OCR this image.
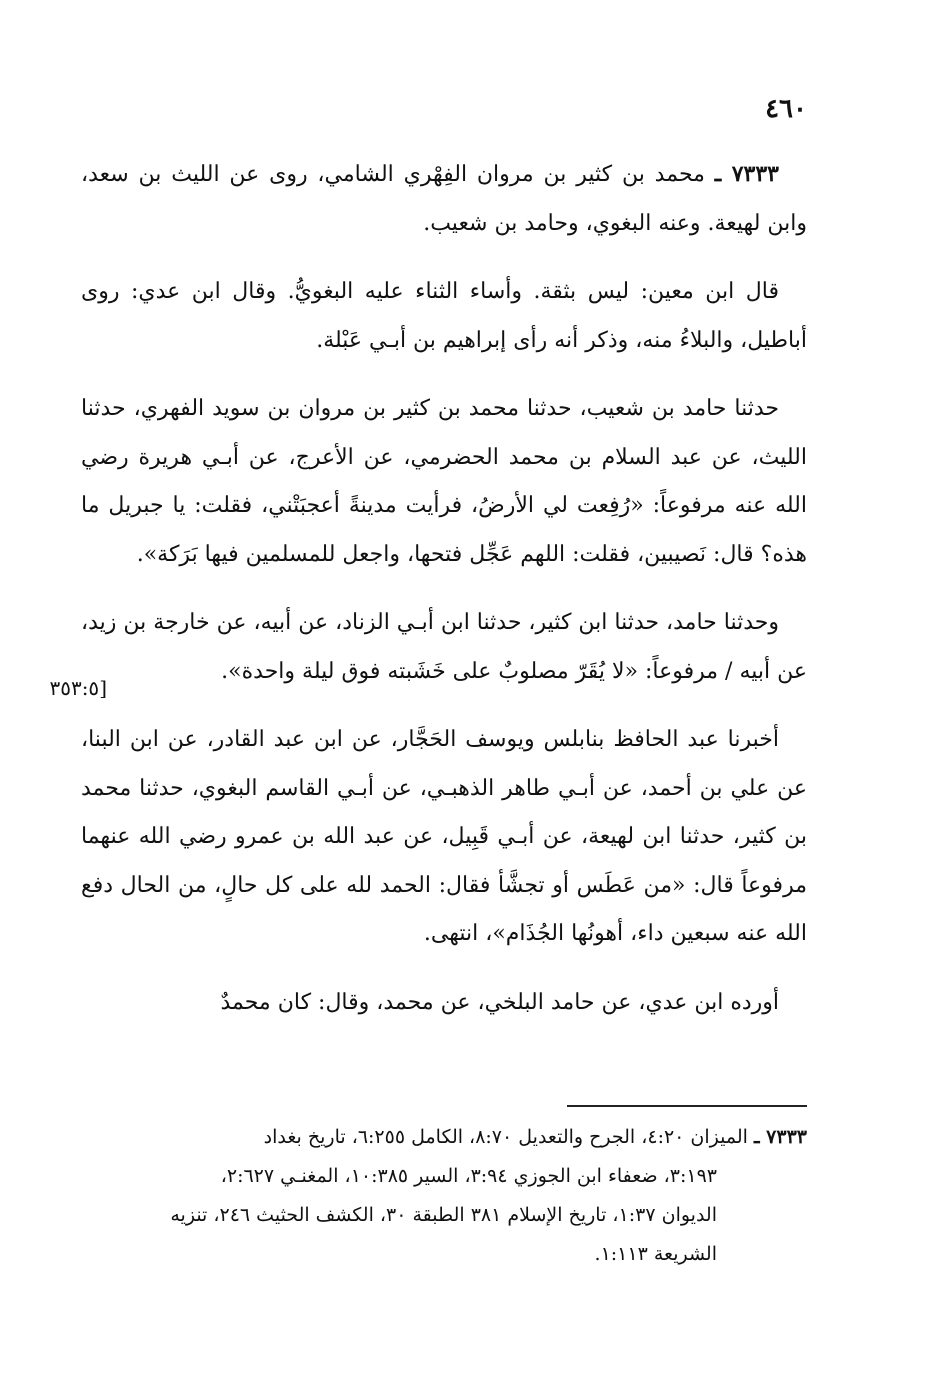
٤٦٠

٧٣٣٣ ـ محمد بن كثير بن مروان الفِهْري الشامي، روى عن الليث بن سعد، وابن لهيعة. وعنه البغوي، وحامد بن شعيب.

قال ابن معين: ليس بثقة. وأساء الثناء عليه البغويُّ. وقال ابن عدي: روى أباطيل، والبلاءُ منه، وذكر أنه رأى إبراهيم بن أبـي عَبْلة.

حدثنا حامد بن شعيب، حدثنا محمد بن كثير بن مروان بن سويد الفهري، حدثنا الليث، عن عبد السلام بن محمد الحضرمي، عن الأعرج، عن أبـي هريرة رضي الله عنه مرفوعاً: «رُفِعت لي الأرضُ، فرأيت مدينةً أعجبَتْني، فقلت: يا جبريل ما هذه؟ قال: نَصيبين، فقلت: اللهم عَجِّل فتحها، واجعل للمسلمين فيها بَرَكة».

وحدثنا حامد، حدثنا ابن كثير، حدثنا ابن أبـي الزناد، عن أبيه، عن خارجة بن زيد، عن أبيه / مرفوعاً: «لا يُقَرّ مصلوبٌ على خَشَبته فوق ليلة واحدة».

أخبرنا عبد الحافظ بنابلس ويوسف الحَجَّار، عن ابن عبد القادر، عن ابن البنا، عن علي بن أحمد، عن أبـي طاهر الذهبـي، عن أبـي القاسم البغوي، حدثنا محمد بن كثير، حدثنا ابن لهيعة، عن أبـي قَبِيل، عن عبد الله بن عمرو رضي الله عنهما مرفوعاً قال: «من عَطَس أو تجشَّأ فقال: الحمد لله على كل حالٍ، من الحال دفع الله عنه سبعين داء، أهونُها الجُذَام»، انتهى.

أورده ابن عدي، عن حامد البلخي، عن محمد، وقال: كان محمدٌ

[٣٥٣:٥
٧٣٣٣ ـ الميزان ٤:٢٠، الجرح والتعديل ٨:٧٠، الكامل ٦:٢٥٥، تاريخ بغداد
٣:١٩٣، ضعفاء ابن الجوزي ٣:٩٤، السير ١٠:٣٨٥، المغنـي ٢:٦٢٧،
الديوان ١:٣٧، تاريخ الإسلام ٣٨١ الطبقة ٣٠، الكشف الحثيث ٢٤٦، تنزيه
الشريعة ١:١١٣.
